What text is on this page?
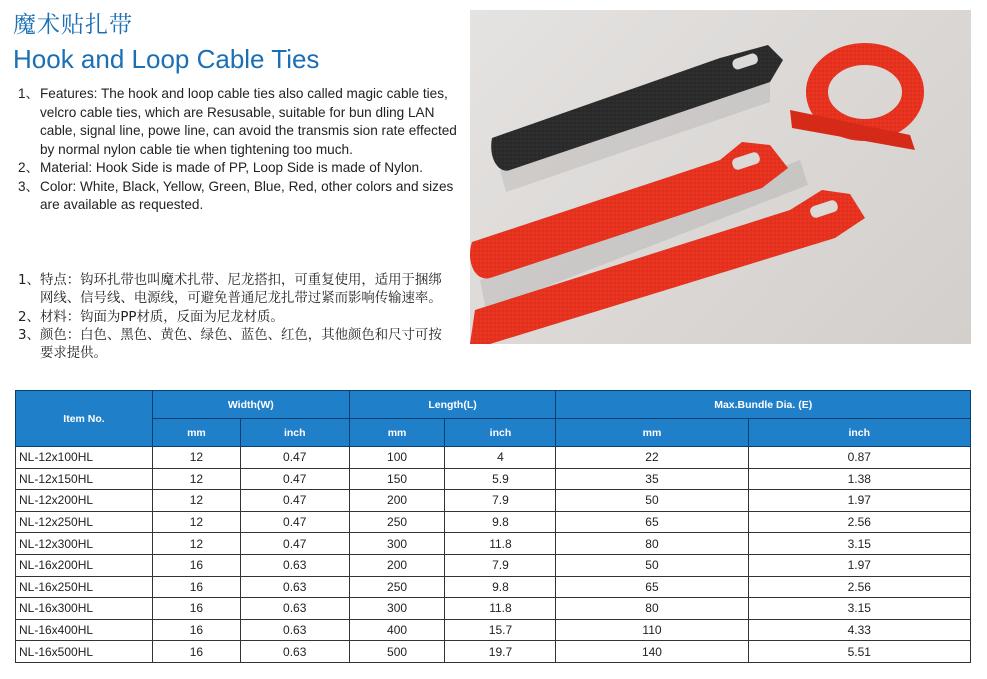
魔术贴扎带
Hook and Loop Cable Ties
1、 Features: The hook and loop cable ties also called magic cable ties, velcro cable ties, which are Resusable, suitable for bun dling LAN cable, signal line, powe line, can avoid the transmis sion rate effected by normal nylon cable tie when tightening too much.
2、 Material: Hook Side is made of PP, Loop Side is made of Nylon.
3、 Color: White, Black, Yellow, Green, Blue, Red, other colors and sizes are available as requested.
1、 特点：钩环扎带也叫魔术扎带、尼龙搭扣，可重复使用，适用于捆绑网线、信号线、电源线，可避免普通尼龙扎带过紧而影响传输速率。
2、 材料：钩面为PP材质，反面为尼龙材质。
3、 颜色：白色、黑色、黄色、绿色、蓝色、红色，其他颜色和尺寸可按要求提供。
Item No.	Width(W)		Length(L)		Max.Bundle Dia. (E)	
	mm	inch	mm	inch	mm	inch
NL-12x100HL	12	0.47	100	4	22	0.87
NL-12x150HL	12	0.47	150	5.9	35	1.38
NL-12x200HL	12	0.47	200	7.9	50	1.97
NL-12x250HL	12	0.47	250	9.8	65	2.56
NL-12x300HL	12	0.47	300	11.8	80	3.15
NL-16x200HL	16	0.63	200	7.9	50	1.97
NL-16x250HL	16	0.63	250	9.8	65	2.56
NL-16x300HL	16	0.63	300	11.8	80	3.15
NL-16x400HL	16	0.63	400	15.7	110	4.33
NL-16x500HL	16	0.63	500	19.7	140	5.51
